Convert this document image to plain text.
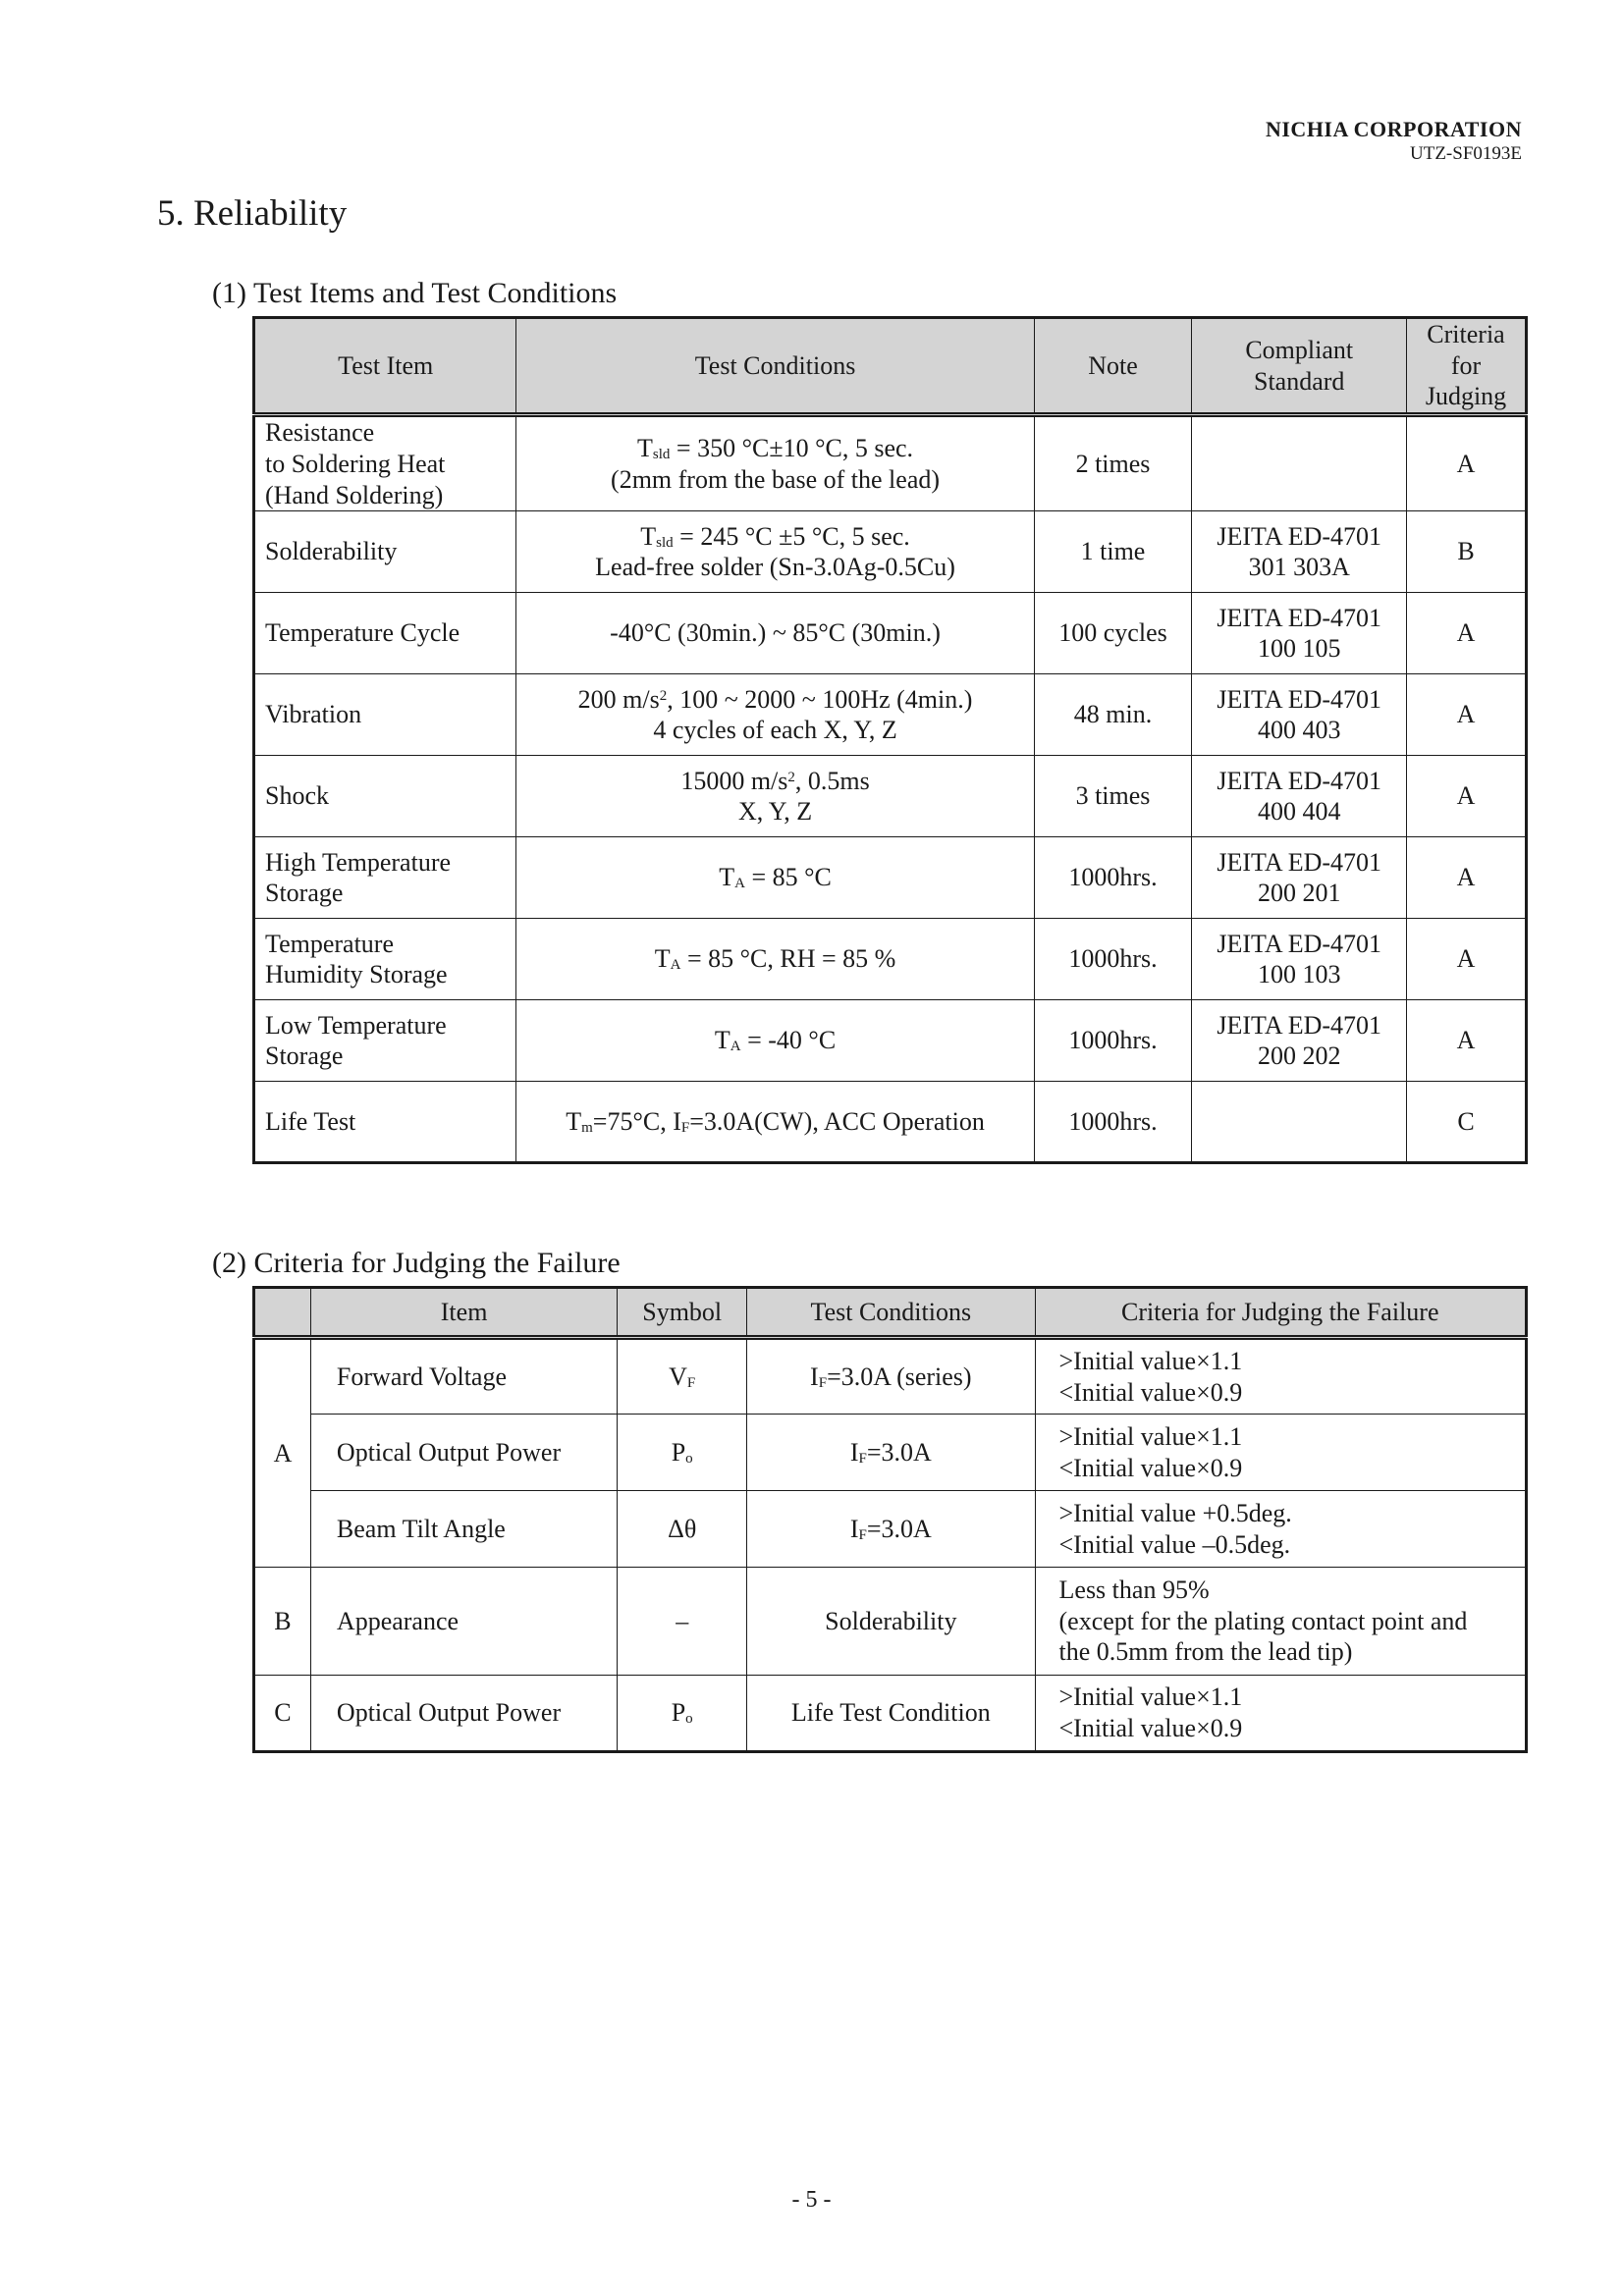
NICHIA CORPORATION
UTZ-SF0193E
5. Reliability
(1) Test Items and Test Conditions
Test Item	Test Conditions	Note	Compliant Standard	Criteria for Judging

Resistance
to Soldering Heat
(Hand Soldering)	$T_{sld} = 350$ °C±10 °C, 5 sec.
(2mm from the base of the lead)	2 times		A

Solderability	$T_{sld} = 245$ °C ±5 °C, 5 sec.
Lead-free solder (Sn-3.0Ag-0.5Cu)	1 time	JEITA ED-4701
301 303A	B

Temperature Cycle	-40°C (30min.) ~ 85°C (30min.)	100 cycles	JEITA ED-4701
100 105	A

Vibration	200 $m/s^2$, 100 ~ 2000 ~ 100Hz (4min.)
4 cycles of each X, Y, Z	48 min.	JEITA ED-4701
400 403	A

Shock	15000 $m/s^2$, 0.5ms
X, Y, Z	3 times	JEITA ED-4701
400 404	A

High Temperature
Storage	$T_A = 85$ °C	1000hrs.	JEITA ED-4701
200 201	A

Temperature
Humidity Storage	$T_A = 85$ °C, RH = 85 %	1000hrs.	JEITA ED-4701
100 103	A

Low Temperature
Storage	$T_A = -40$ °C	1000hrs.	JEITA ED-4701
200 202	A

Life Test	$T_m=75^\circ C$, $I_F=3.0A(CW)$, ACC Operation	1000hrs.		C
(2) Criteria for Judging the Failure
	Item	Symbol	Test Conditions	Criteria for Judging the Failure
A	Forward Voltage	$V_F$	$I_F=3.0A$ (series)	>Initial value×1.1
<Initial value×0.9

	Optical Output Power	$P_o$	$I_F=3.0A$	>Initial value×1.1
<Initial value×0.9

	Beam Tilt Angle	Δθ	$I_F=3.0A$	>Initial value +0.5deg.
<Initial value –0.5deg.

B	Appearance	–	Solderability	Less than 95%
(except for the plating contact point and
the 0.5mm from the lead tip)

C	Optical Output Power	$P_o$	Life Test Condition	>Initial value×1.1
<Initial value×0.9
- 5 -
